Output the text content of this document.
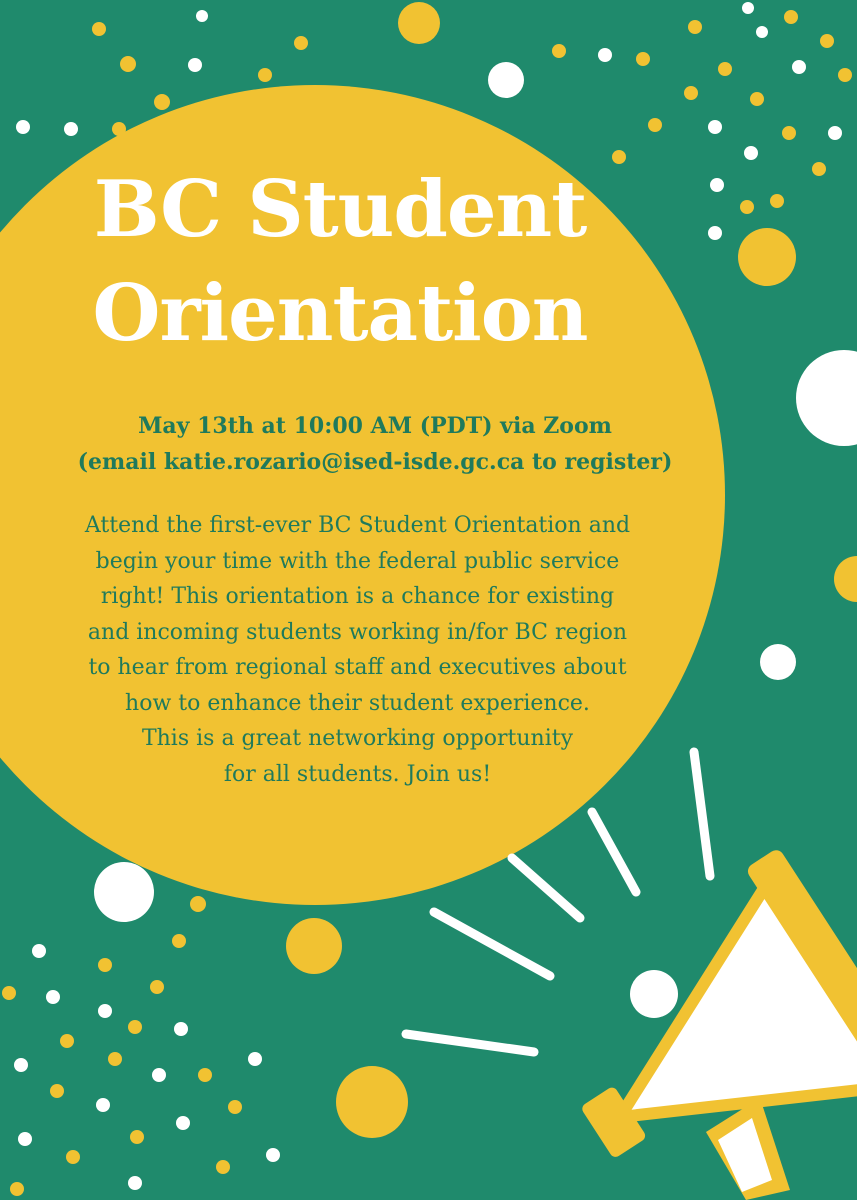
BC Student
Orientation
May 13th at 10:00 AM (PDT) via Zoom
(email katie.rozario@ised-isde.gc.ca to register)
Attend the first-ever BC Student Orientation and
begin your time with the federal public service
right! This orientation is a chance for existing
and incoming students working in/for BC region
to hear from regional staff and executives about
how to enhance their student experience.
This is a great networking opportunity
for all students. Join us!
